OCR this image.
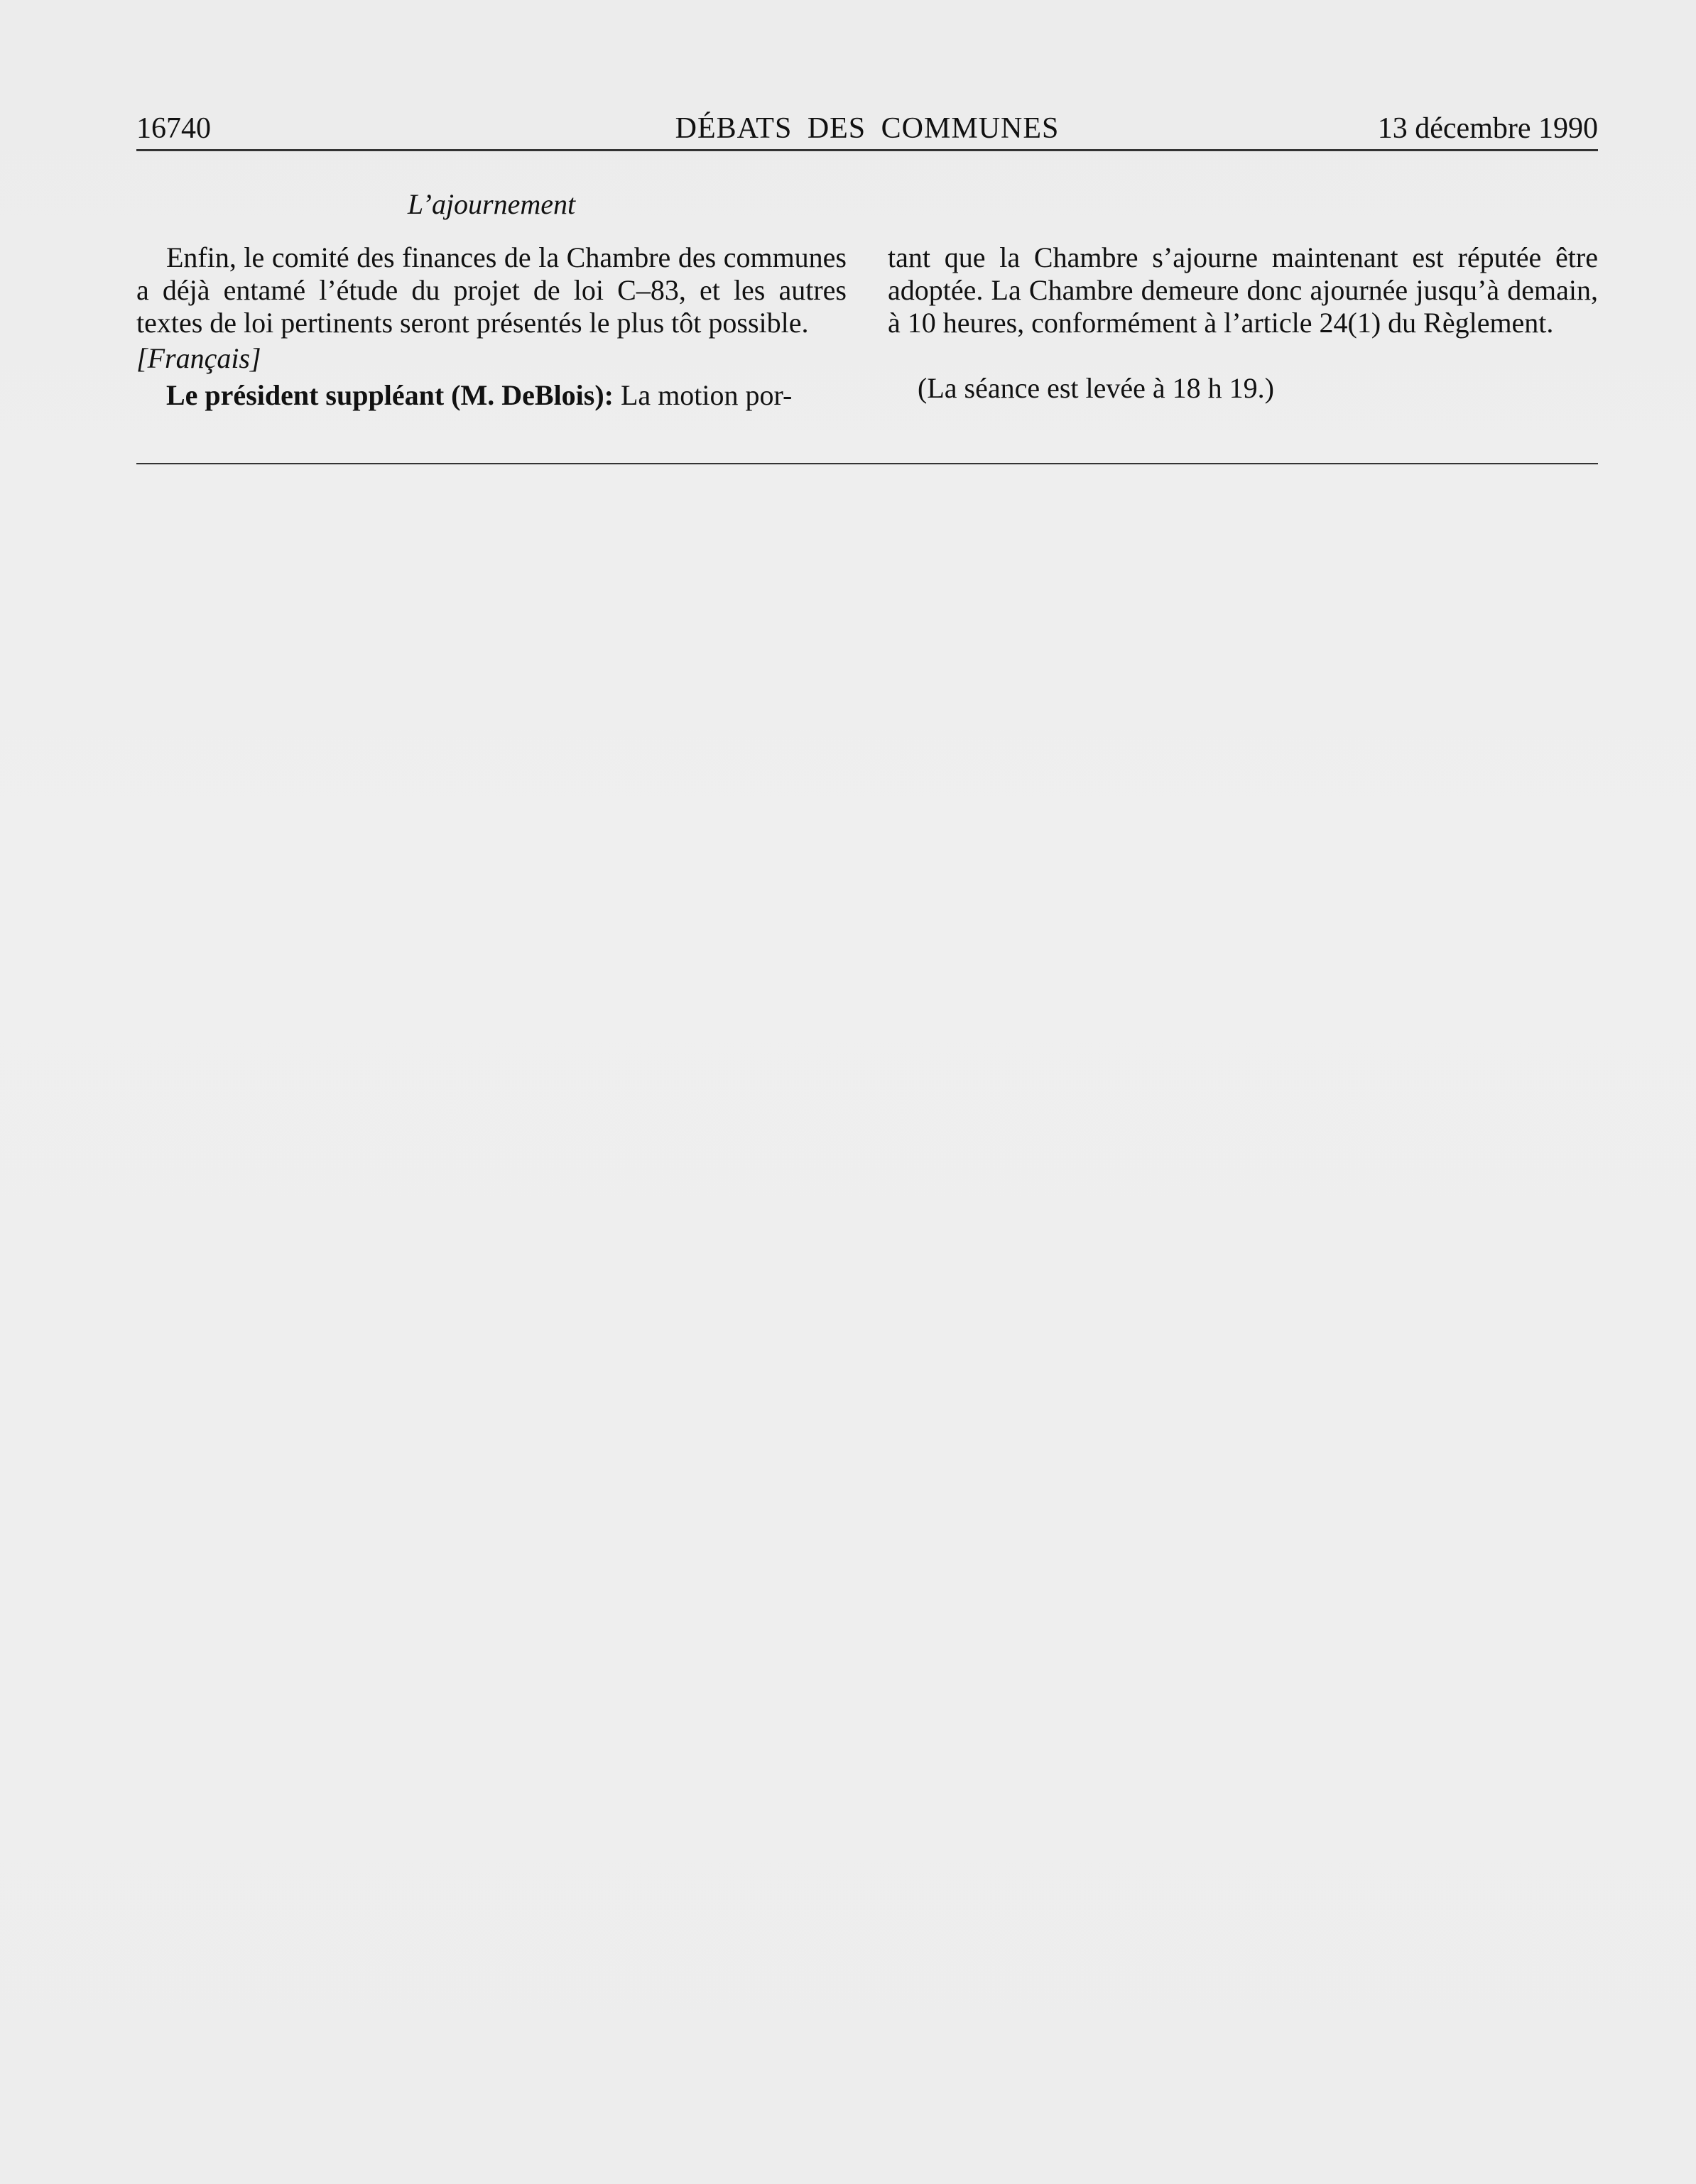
16740	DÉBATS DES COMMUNES	13 décembre 1990
L’ajournement

Enfin, le comité des finances de la Chambre des communes a déjà entamé l’étude du projet de loi C–83, et les autres textes de loi pertinents seront présentés le plus tôt possible.

[Français]

Le président suppléant (M. DeBlois): La motion por-

tant que la Chambre s’ajourne maintenant est réputée être adoptée. La Chambre demeure donc ajournée jusqu’à demain, à 10 heures, conformément à l’article 24(1) du Règlement.

(La séance est levée à 18 h 19.)
